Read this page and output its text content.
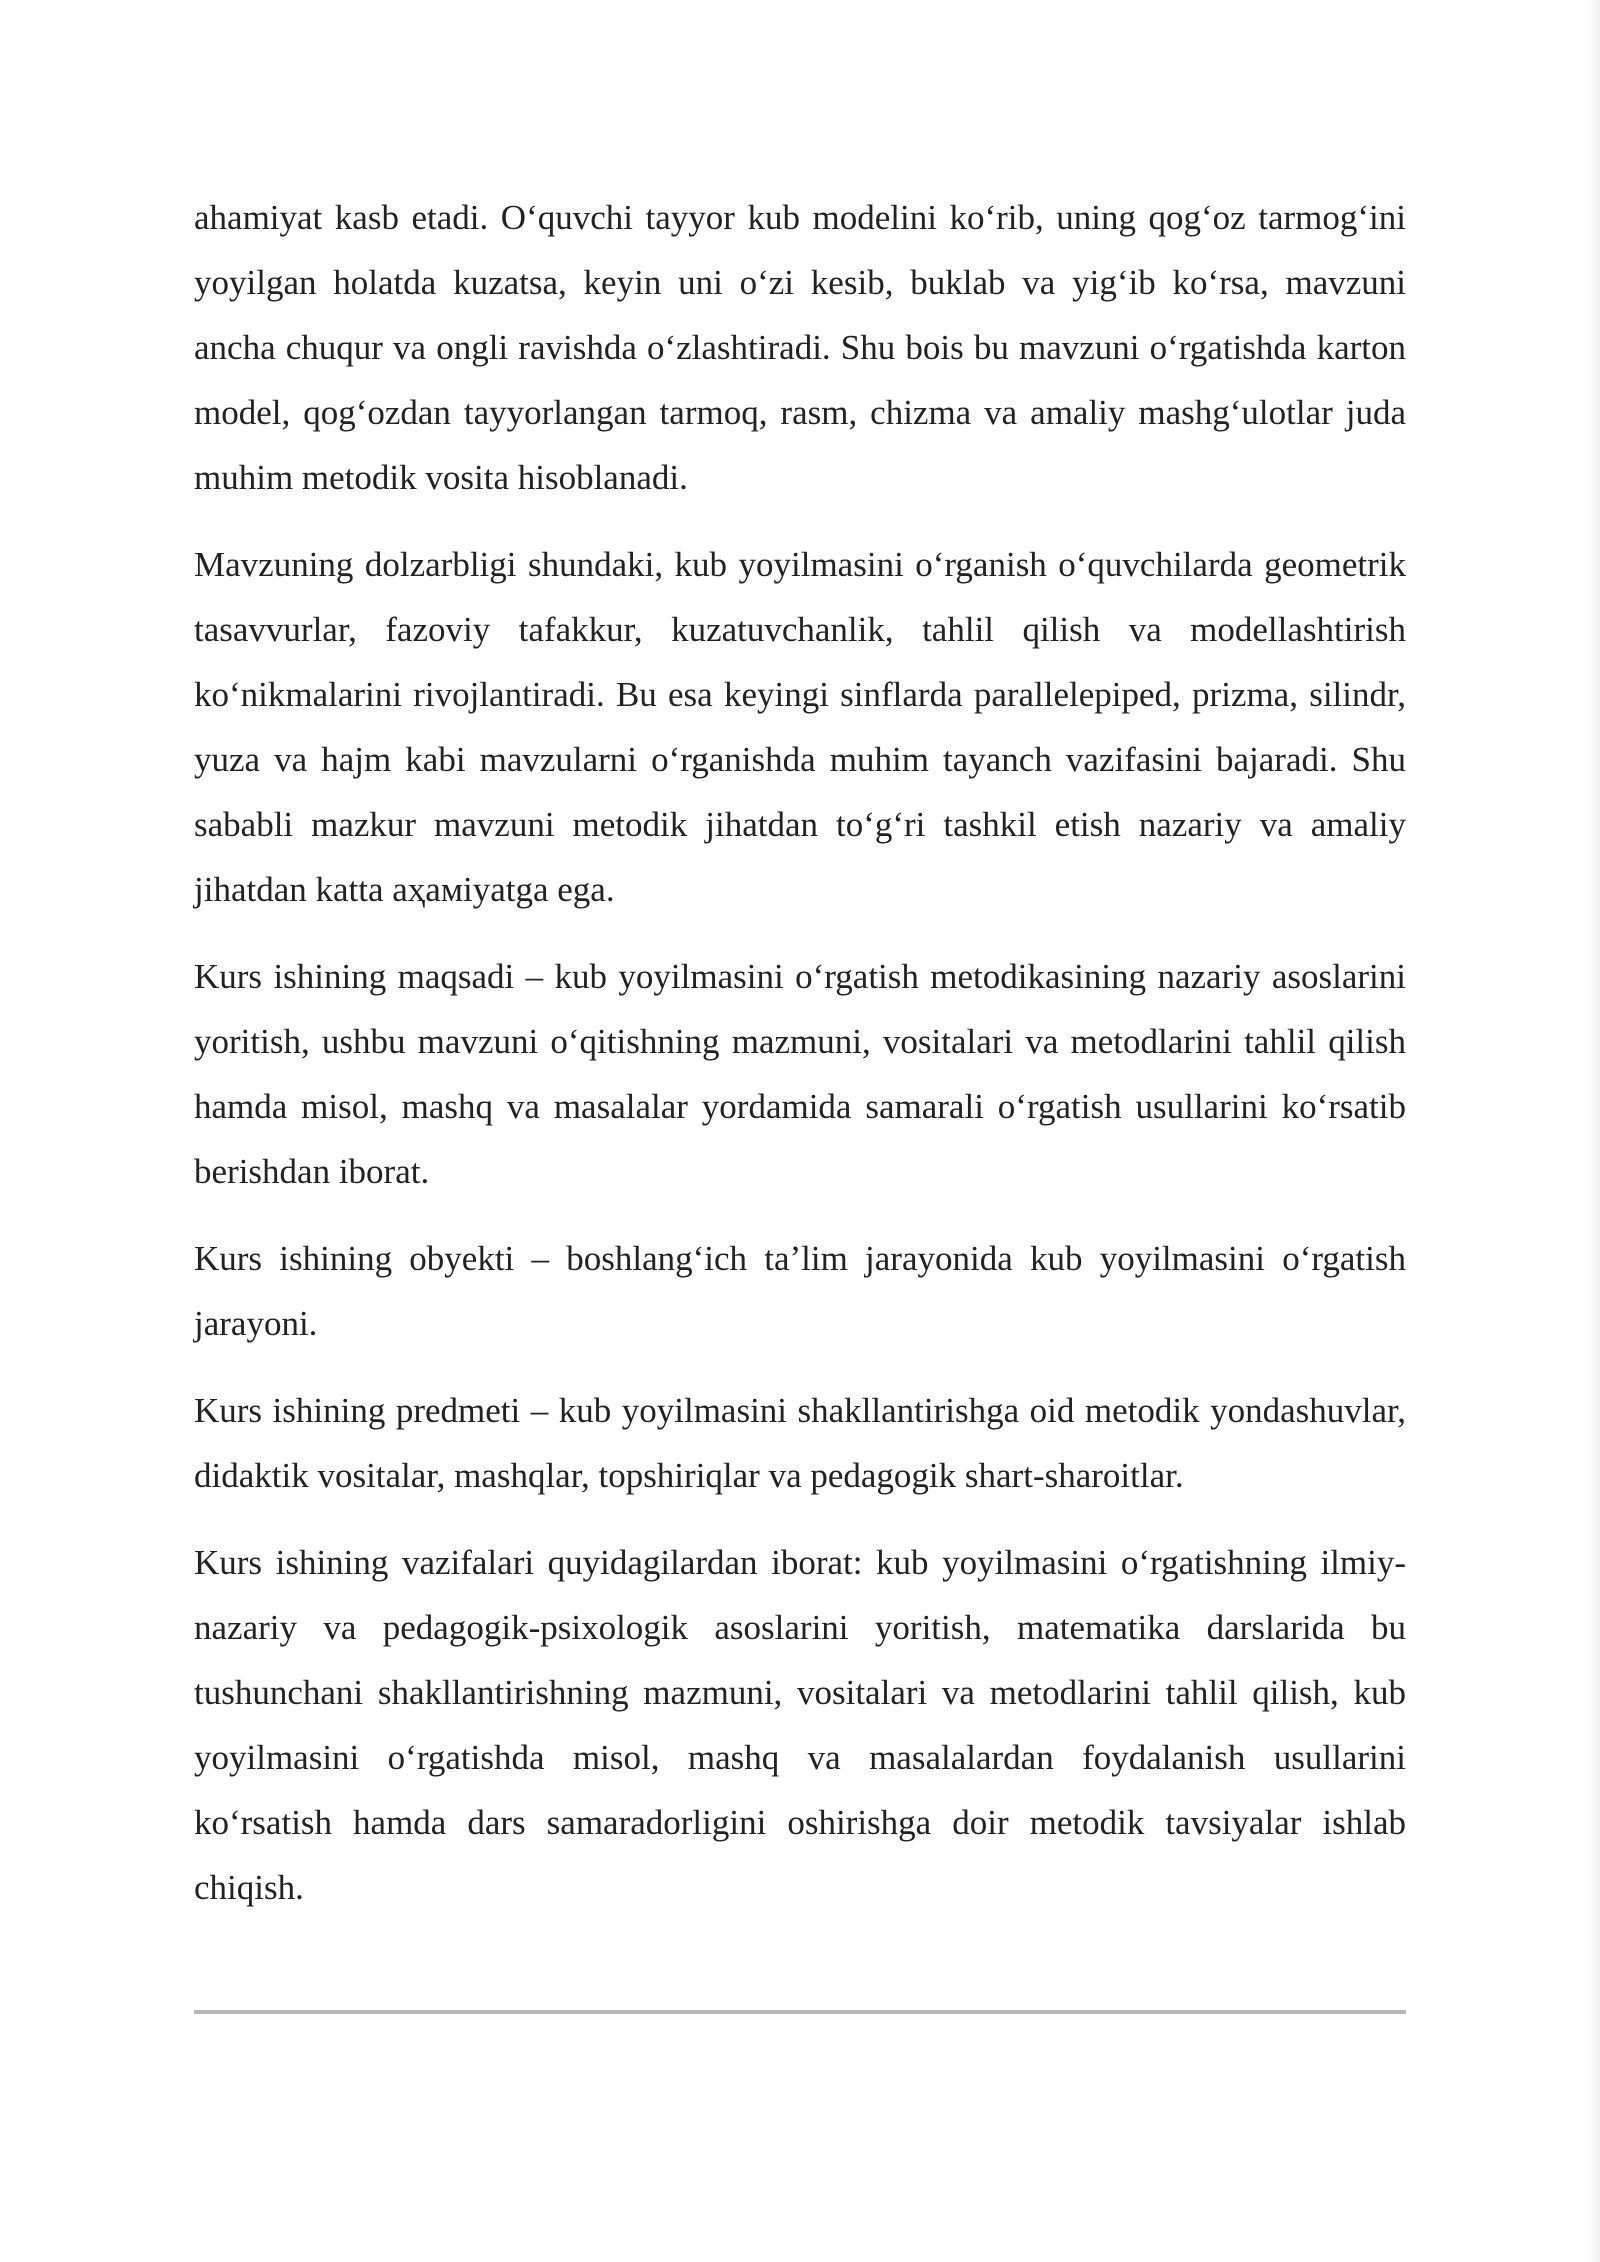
ahamiyat kasb etadi. Oʻquvchi tayyor kub modelini koʻrib, uning qogʻoz tarmogʻini yoyilgan holatda kuzatsa, keyin uni oʻzi kesib, buklab va yigʻib koʻrsa, mavzuni ancha chuqur va ongli ravishda oʻzlashtiradi. Shu bois bu mavzuni oʻrgatishda karton model, qogʻozdan tayyorlangan tarmoq, rasm, chizma va amaliy mashgʻulotlar juda muhim metodik vosita hisoblanadi.

Mavzuning dolzarbligi shundaki, kub yoyilmasini oʻrganish oʻquvchilarda geometrik tasavvurlar, fazoviy tafakkur, kuzatuvchanlik, tahlil qilish va modellashtirish koʻnikmalarini rivojlantiradi. Bu esa keyingi sinflarda parallelepiped, prizma, silindr, yuza va hajm kabi mavzularni oʻrganishda muhim tayanch vazifasini bajaradi. Shu sababli mazkur mavzuni metodik jihatdan toʻgʻri tashkil etish nazariy va amaliy jihatdan katta aҳамiyatga ega.

Kurs ishining maqsadi – kub yoyilmasini oʻrgatish metodikasining nazariy asoslarini yoritish, ushbu mavzuni oʻqitishning mazmuni, vositalari va metodlarini tahlil qilish hamda misol, mashq va masalalar yordamida samarali oʻrgatish usullarini koʻrsatib berishdan iborat.

Kurs ishining obyekti – boshlangʻich taʼlim jarayonida kub yoyilmasini oʻrgatish jarayoni.

Kurs ishining predmeti – kub yoyilmasini shakllantirishga oid metodik yondashuvlar, didaktik vositalar, mashqlar, topshiriqlar va pedagogik shart-sharoitlar.

Kurs ishining vazifalari quyidagilardan iborat: kub yoyilmasini oʻrgatishning ilmiy-nazariy va pedagogik-psixologik asoslarini yoritish, matematika darslarida bu tushunchani shakllantirishning mazmuni, vositalari va metodlarini tahlil qilish, kub yoyilmasini oʻrgatishda misol, mashq va masalalardan foydalanish usullarini koʻrsatish hamda dars samaradorligini oshirishga doir metodik tavsiyalar ishlab chiqish.
